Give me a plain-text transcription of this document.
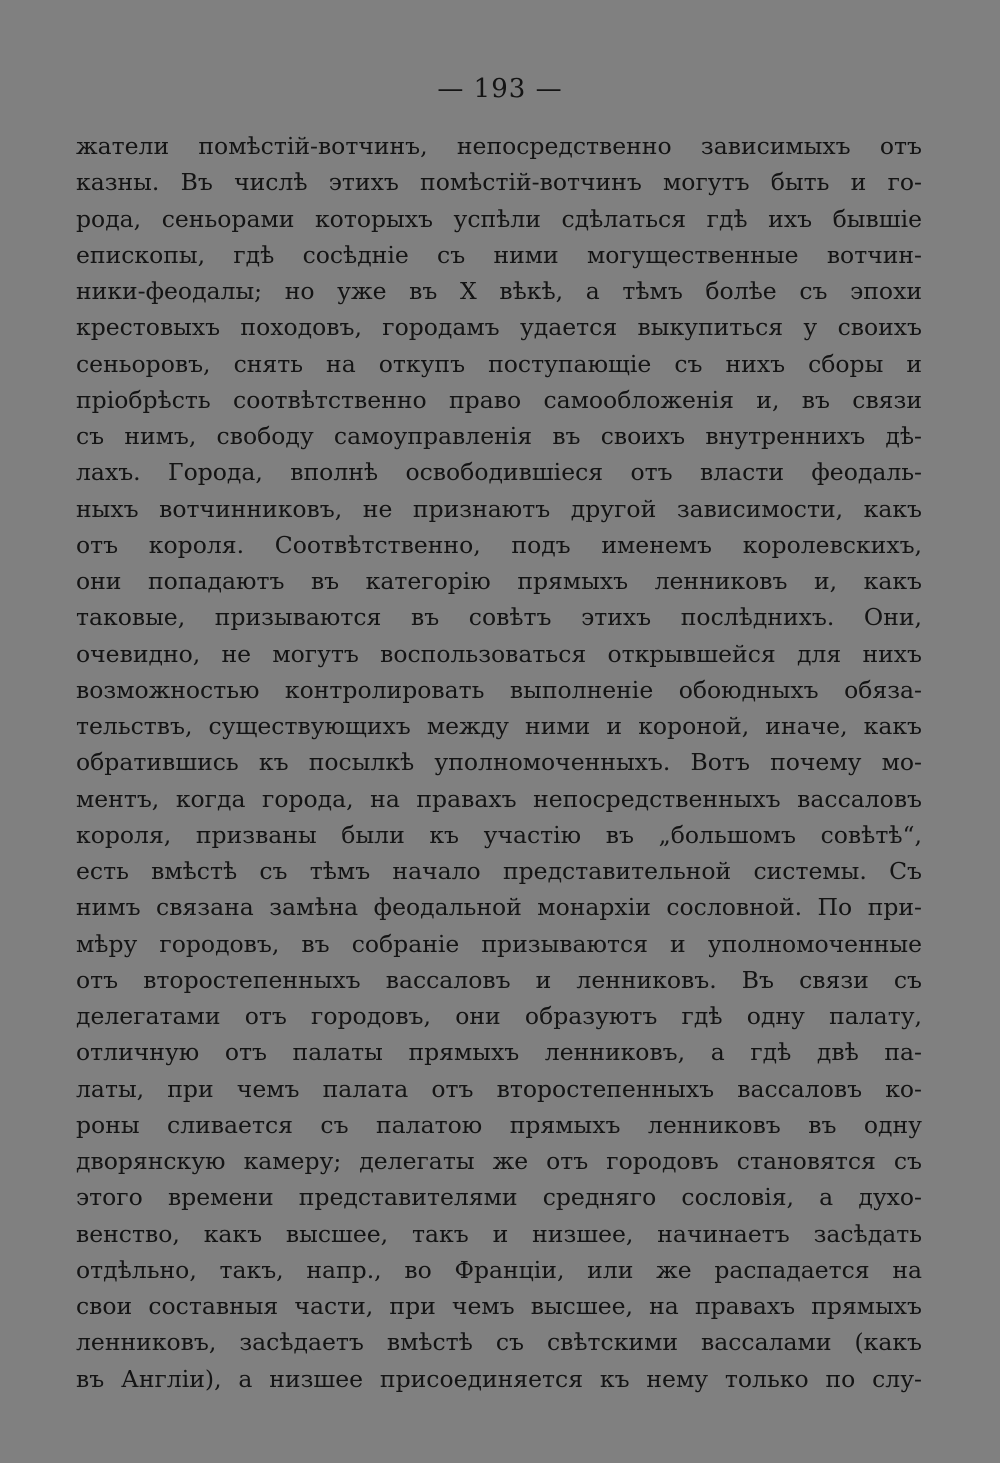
— 193 —
жатели помѣстій-вотчинъ, непосредственно зависимыхъ отъ
казны. Въ числѣ этихъ помѣстій-вотчинъ могутъ быть и го-
рода, сеньорами которыхъ успѣли сдѣлаться гдѣ ихъ бывшіе
епископы, гдѣ сосѣдніе съ ними могущественные вотчин-
ники-феодалы; но уже въ X вѣкѣ, а тѣмъ болѣе съ эпохи
крестовыхъ походовъ, городамъ удается выкупиться у своихъ
сеньоровъ, снять на откупъ поступающіе съ нихъ сборы и
пріобрѣсть соотвѣтственно право самообложенія и, въ связи
съ нимъ, свободу самоуправленія въ своихъ внутреннихъ дѣ-
лахъ. Города, вполнѣ освободившіеся отъ власти феодаль-
ныхъ вотчинниковъ, не признаютъ другой зависимости, какъ
отъ короля. Соотвѣтственно, подъ именемъ королевскихъ,
они попадаютъ въ категорію прямыхъ ленниковъ и, какъ
таковые, призываются въ совѣтъ этихъ послѣднихъ. Они,
очевидно, не могутъ воспользоваться открывшейся для нихъ
возможностью контролировать выполненіе обоюдныхъ обяза-
тельствъ, существующихъ между ними и короной, иначе, какъ
обратившись къ посылкѣ уполномоченныхъ. Вотъ почему мо-
ментъ, когда города, на правахъ непосредственныхъ вассаловъ
короля, призваны были къ участію въ „большомъ совѣтѣ“,
есть вмѣстѣ съ тѣмъ начало представительной системы. Съ
нимъ связана замѣна феодальной монархіи сословной. По при-
мѣру городовъ, въ собраніе призываются и уполномоченные
отъ второстепенныхъ вассаловъ и ленниковъ. Въ связи съ
делегатами отъ городовъ, они образуютъ гдѣ одну палату,
отличную отъ палаты прямыхъ ленниковъ, а гдѣ двѣ па-
латы, при чемъ палата отъ второстепенныхъ вассаловъ ко-
роны сливается съ палатою прямыхъ ленниковъ въ одну
дворянскую камеру; делегаты же отъ городовъ становятся съ
этого времени представителями средняго сословія, а духо-
венство, какъ высшее, такъ и низшее, начинаетъ засѣдать
отдѣльно, такъ, напр., во Франціи, или же распадается на
свои составныя части, при чемъ высшее, на правахъ прямыхъ
ленниковъ, засѣдаетъ вмѣстѣ съ свѣтскими вассалами (какъ
въ Англіи), а низшее присоединяется къ нему только по слу-
